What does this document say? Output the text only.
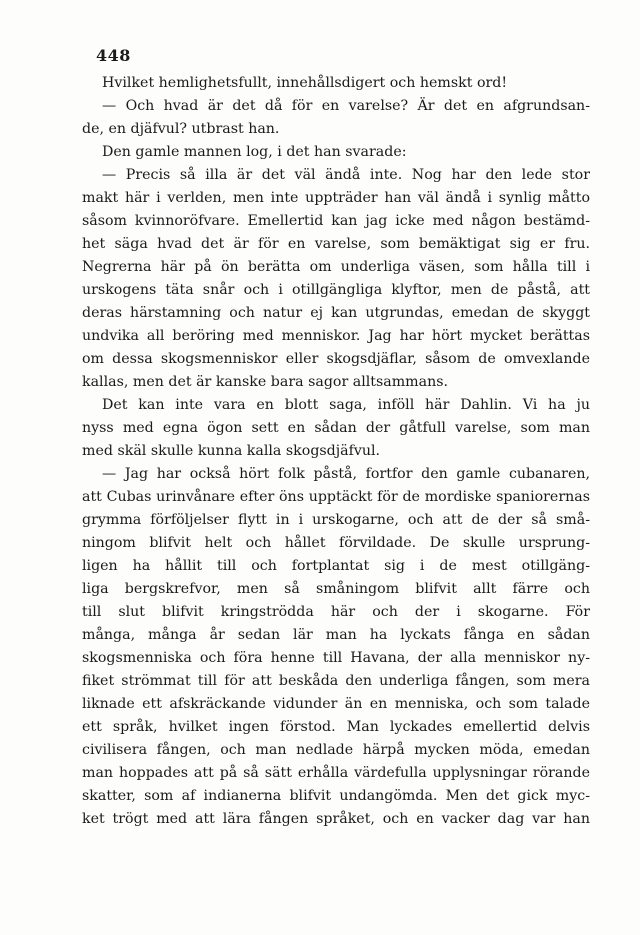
448
Hvilket hemlighetsfullt, innehållsdigert och hemskt ord!
— Och hvad är det då för en varelse? Är det en afgrundsan-
de, en djäfvul? utbrast han.
Den gamle mannen log, i det han svarade:
— Precis så illa är det väl ändå inte. Nog har den lede stor
makt här i verlden, men inte uppträder han väl ändå i synlig måtto
såsom kvinnoröfvare. Emellertid kan jag icke med någon bestämd-
het säga hvad det är för en varelse, som bemäktigat sig er fru.
Negrerna här på ön berätta om underliga väsen, som hålla till i
urskogens täta snår och i otillgängliga klyftor, men de påstå, att
deras härstamning och natur ej kan utgrundas, emedan de skyggt
undvika all beröring med menniskor. Jag har hört mycket berättas
om dessa skogsmenniskor eller skogsdjäflar, såsom de omvexlande
kallas, men det är kanske bara sagor alltsammans.
Det kan inte vara en blott saga, inföll här Dahlin. Vi ha ju
nyss med egna ögon sett en sådan der gåtfull varelse, som man
med skäl skulle kunna kalla skogsdjäfvul.
— Jag har också hört folk påstå, fortfor den gamle cubanaren,
att Cubas urinvånare efter öns upptäckt för de mordiske spaniorernas
grymma förföljelser flytt in i urskogarne, och att de der så små-
ningom blifvit helt och hållet förvildade. De skulle ursprung-
ligen ha hållit till och fortplantat sig i de mest otillgäng-
liga bergskrefvor, men så småningom blifvit allt färre och
till slut blifvit kringströdda här och der i skogarne. För
många, många år sedan lär man ha lyckats fånga en sådan
skogsmenniska och föra henne till Havana, der alla menniskor ny-
fiket strömmat till för att beskåda den underliga fången, som mera
liknade ett afskräckande vidunder än en menniska, och som talade
ett språk, hvilket ingen förstod. Man lyckades emellertid delvis
civilisera fången, och man nedlade härpå mycken möda, emedan
man hoppades att på så sätt erhålla värdefulla upplysningar rörande
skatter, som af indianerna blifvit undangömda. Men det gick myc-
ket trögt med att lära fången språket, och en vacker dag var han
